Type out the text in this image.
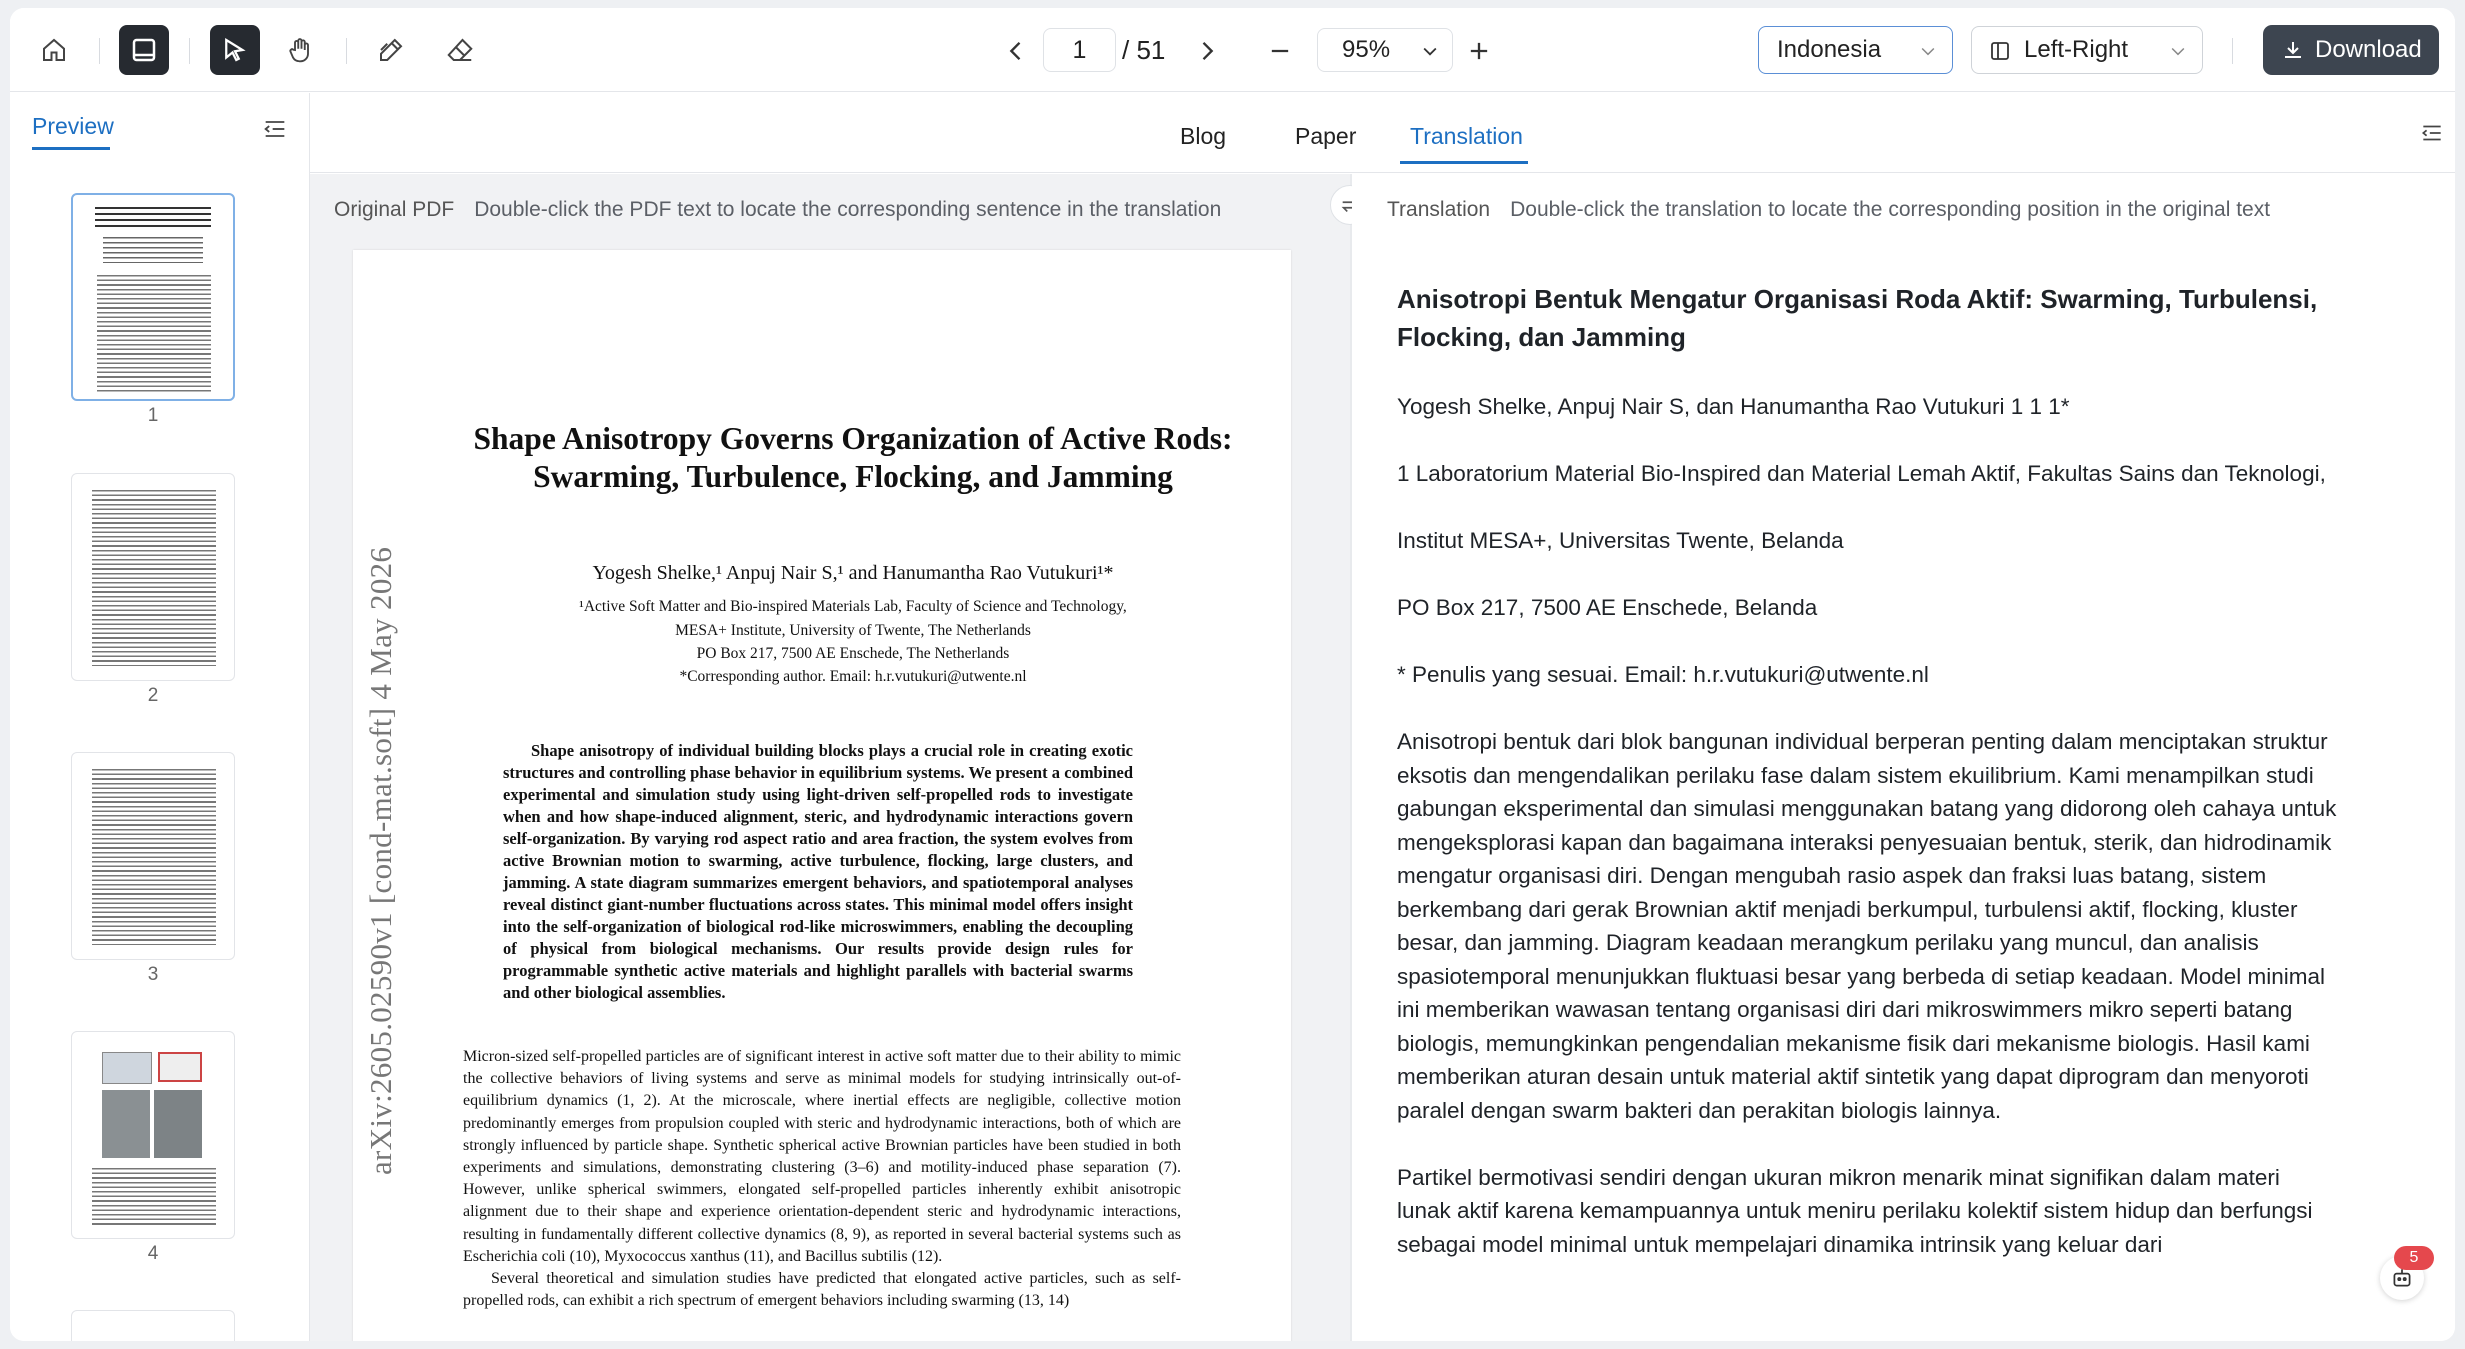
1	/ 51	95%	Indonesia	Left-Right	Download
Preview
1
2
3
4
Blog	Paper Translation
Original PDF Double-click the PDF text to locate the corresponding sentence in the translation
arXiv:2605.02590v1 [cond-mat.soft] 4 May 2026
Shape Anisotropy Governs Organization of Active Rods: Swarming, Turbulence, Flocking, and Jamming
Yogesh Shelke,¹ Anpuj Nair S,¹ and Hanumantha Rao Vutukuri¹*
¹Active Soft Matter and Bio-inspired Materials Lab, Faculty of Science and Technology,
MESA+ Institute, University of Twente, The Netherlands
PO Box 217, 7500 AE Enschede, The Netherlands
*Corresponding author. Email: h.r.vutukuri@utwente.nl
Shape anisotropy of individual building blocks plays a crucial role in creating exotic structures and controlling phase behavior in equilibrium systems. We present a combined experimental and simulation study using light-driven self-propelled rods to investigate when and how shape-induced alignment, steric, and hydrodynamic interactions govern self-organization. By varying rod aspect ratio and area fraction, the system evolves from active Brownian motion to swarming, active turbulence, flocking, large clusters, and jamming. A state diagram summarizes emergent behaviors, and spatiotemporal analyses reveal distinct giant-number fluctuations across states. This minimal model offers insight into the self-organization of biological rod-like microswimmers, enabling the decoupling of physical from biological mechanisms. Our results provide design rules for programmable synthetic active materials and highlight parallels with bacterial swarms and other biological assemblies.
Micron-sized self-propelled particles are of significant interest in active soft matter due to their ability to mimic the collective behaviors of living systems and serve as minimal models for studying intrinsically out-of-equilibrium dynamics (1, 2). At the microscale, where inertial effects are negligible, collective motion predominantly emerges from propulsion coupled with steric and hydrodynamic interactions, both of which are strongly influenced by particle shape. Synthetic spherical active Brownian particles have been studied in both experiments and simulations, demonstrating clustering (3–6) and motility-induced phase separation (7). However, unlike spherical swimmers, elongated self-propelled particles inherently exhibit anisotropic alignment due to their shape and experience orientation-dependent steric and hydrodynamic interactions, resulting in fundamentally different collective dynamics (8, 9), as reported in several bacterial systems such as Escherichia coli (10), Myxococcus xanthus (11), and Bacillus subtilis (12).
Several theoretical and simulation studies have predicted that elongated active particles, such as self-propelled rods, can exhibit a rich spectrum of emergent behaviors including swarming (13, 14)
Translation Double-click the translation to locate the corresponding position in the original text
Anisotropi Bentuk Mengatur Organisasi Roda Aktif: Swarming, Turbulensi, Flocking, dan Jamming

Yogesh Shelke, Anpuj Nair S, dan Hanumantha Rao Vutukuri 1 1 1*

1 Laboratorium Material Bio-Inspired dan Material Lemah Aktif, Fakultas Sains dan Teknologi,

Institut MESA+, Universitas Twente, Belanda

PO Box 217, 7500 AE Enschede, Belanda

* Penulis yang sesuai. Email: h.r.vutukuri@utwente.nl

Anisotropi bentuk dari blok bangunan individual berperan penting dalam menciptakan struktur eksotis dan mengendalikan perilaku fase dalam sistem ekuilibrium. Kami menampilkan studi gabungan eksperimental dan simulasi menggunakan batang yang didorong oleh cahaya untuk mengeksplorasi kapan dan bagaimana interaksi penyesuaian bentuk, sterik, dan hidrodinamik mengatur organisasi diri. Dengan mengubah rasio aspek dan fraksi luas batang, sistem berkembang dari gerak Brownian aktif menjadi berkumpul, turbulensi aktif, flocking, kluster besar, dan jamming. Diagram keadaan merangkum perilaku yang muncul, dan analisis spasiotemporal menunjukkan fluktuasi besar yang berbeda di setiap keadaan. Model minimal ini memberikan wawasan tentang organisasi diri dari mikroswimmers mikro seperti batang biologis, memungkinkan pengendalian mekanisme fisik dari mekanisme biologis. Hasil kami memberikan aturan desain untuk material aktif sintetik yang dapat diprogram dan menyoroti paralel dengan swarm bakteri dan perakitan biologis lainnya.

Partikel bermotivasi sendiri dengan ukuran mikron menarik minat signifikan dalam materi lunak aktif karena kemampuannya untuk meniru perilaku kolektif sistem hidup dan berfungsi sebagai model minimal untuk mempelajari dinamika intrinsik yang keluar dari

5
